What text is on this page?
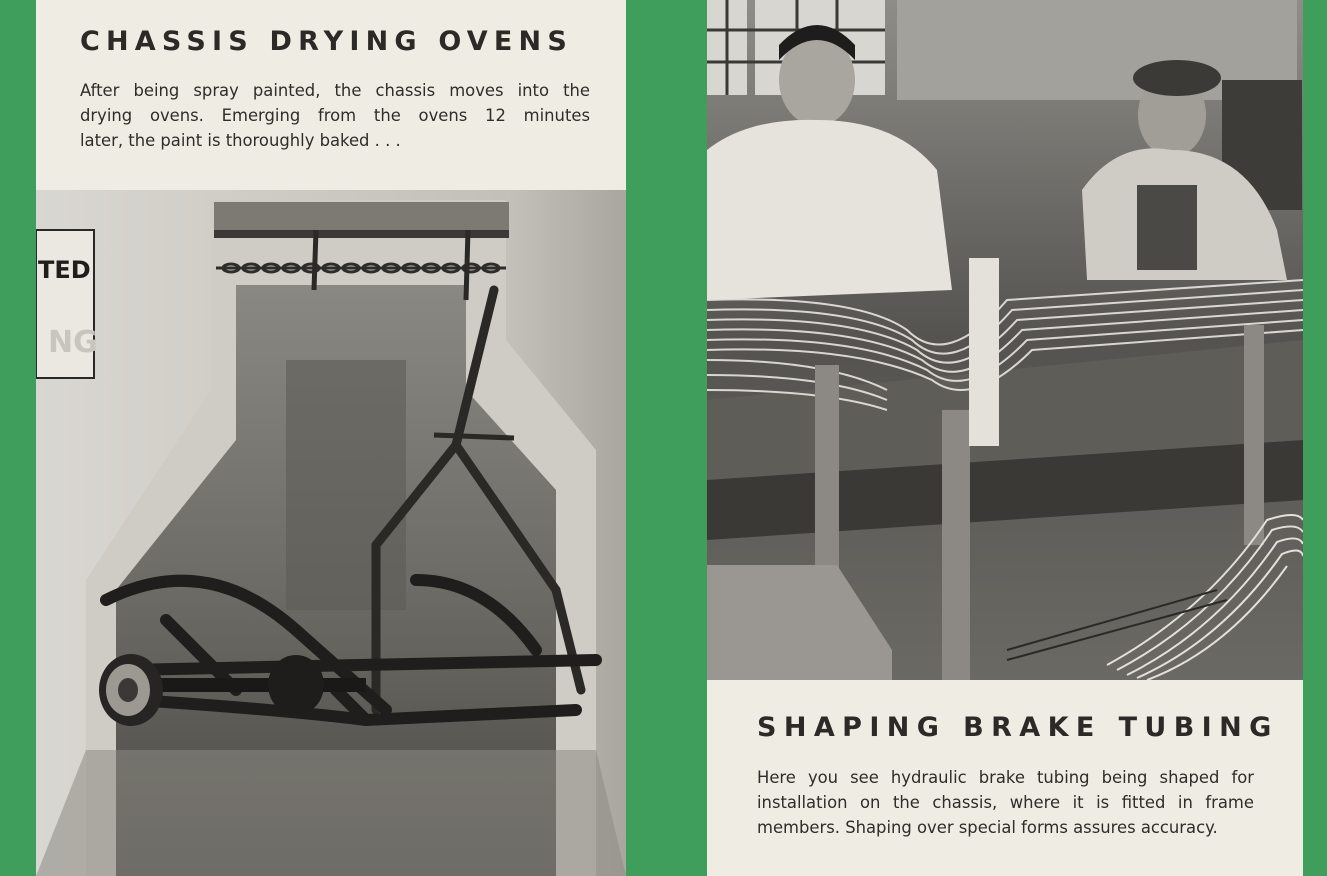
CHASSIS DRYING OVENS

After being spray painted, the chassis moves into the

drying ovens. Emerging from the ovens 12 minutes

later, the paint is thoroughly baked . . .

TED
NG
SHAPING BRAKE TUBING

Here you see hydraulic brake tubing being shaped for

installation on the chassis, where it is fitted in frame

members. Shaping over special forms assures accuracy.
